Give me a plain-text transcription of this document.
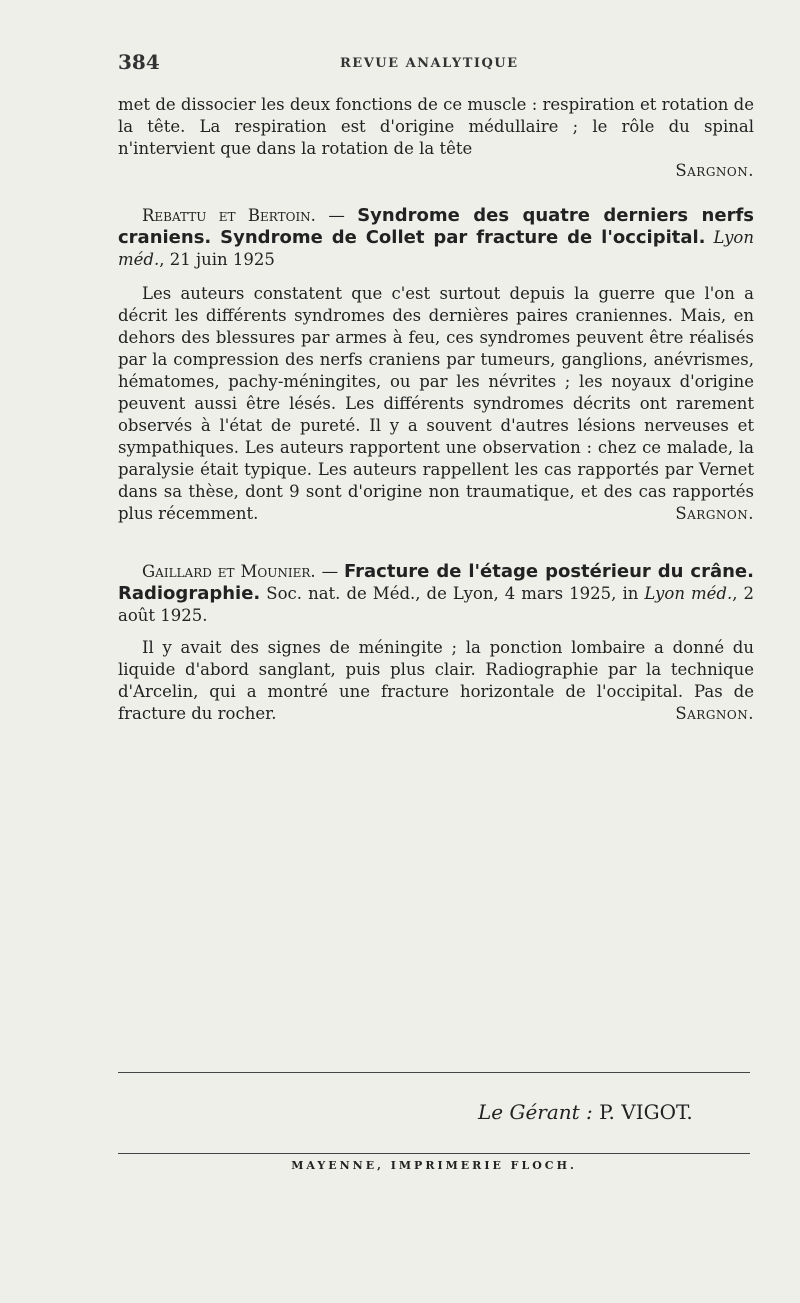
384	REVUE ANALYTIQUE
met de dissocier les deux fonctions de ce muscle : respiration et rotation de la tête. La respiration est d'origine médullaire ; le rôle du spinal n'intervient que dans la rotation de la tête
Sargnon.
Rebattu et Bertoin. — Syndrome des quatre derniers nerfs craniens. Syndrome de Collet par fracture de l'occipital. Lyon méd., 21 juin 1925
Les auteurs constatent que c'est surtout depuis la guerre que l'on a décrit les différents syndromes des dernières paires craniennes. Mais, en dehors des blessures par armes à feu, ces syndromes peuvent être réalisés par la compression des nerfs craniens par tumeurs, ganglions, anévrismes, hématomes, pachy-méningites, ou par les névrites ; les noyaux d'origine peuvent aussi être lésés. Les différents syndromes décrits ont rarement observés à l'état de pureté. Il y a souvent d'autres lésions nerveuses et sympathiques. Les auteurs rapportent une observation : chez ce malade, la paralysie était typique. Les auteurs rappellent les cas rapportés par Vernet dans sa thèse, dont 9 sont d'origine non traumatique, et des cas rapportés plus récemment.	Sargnon.
Gaillard et Mounier. — Fracture de l'étage postérieur du crâne. Radiographie. Soc. nat. de Méd., de Lyon, 4 mars 1925, in Lyon méd., 2 août 1925.
Il y avait des signes de méningite ; la ponction lombaire a donné du liquide d'abord sanglant, puis plus clair. Radiographie par la technique d'Arcelin, qui a montré une fracture horizontale de l'occipital. Pas de fracture du rocher.	Sargnon.
Le Gérant : P. VIGOT.
MAYENNE, IMPRIMERIE FLOCH.
